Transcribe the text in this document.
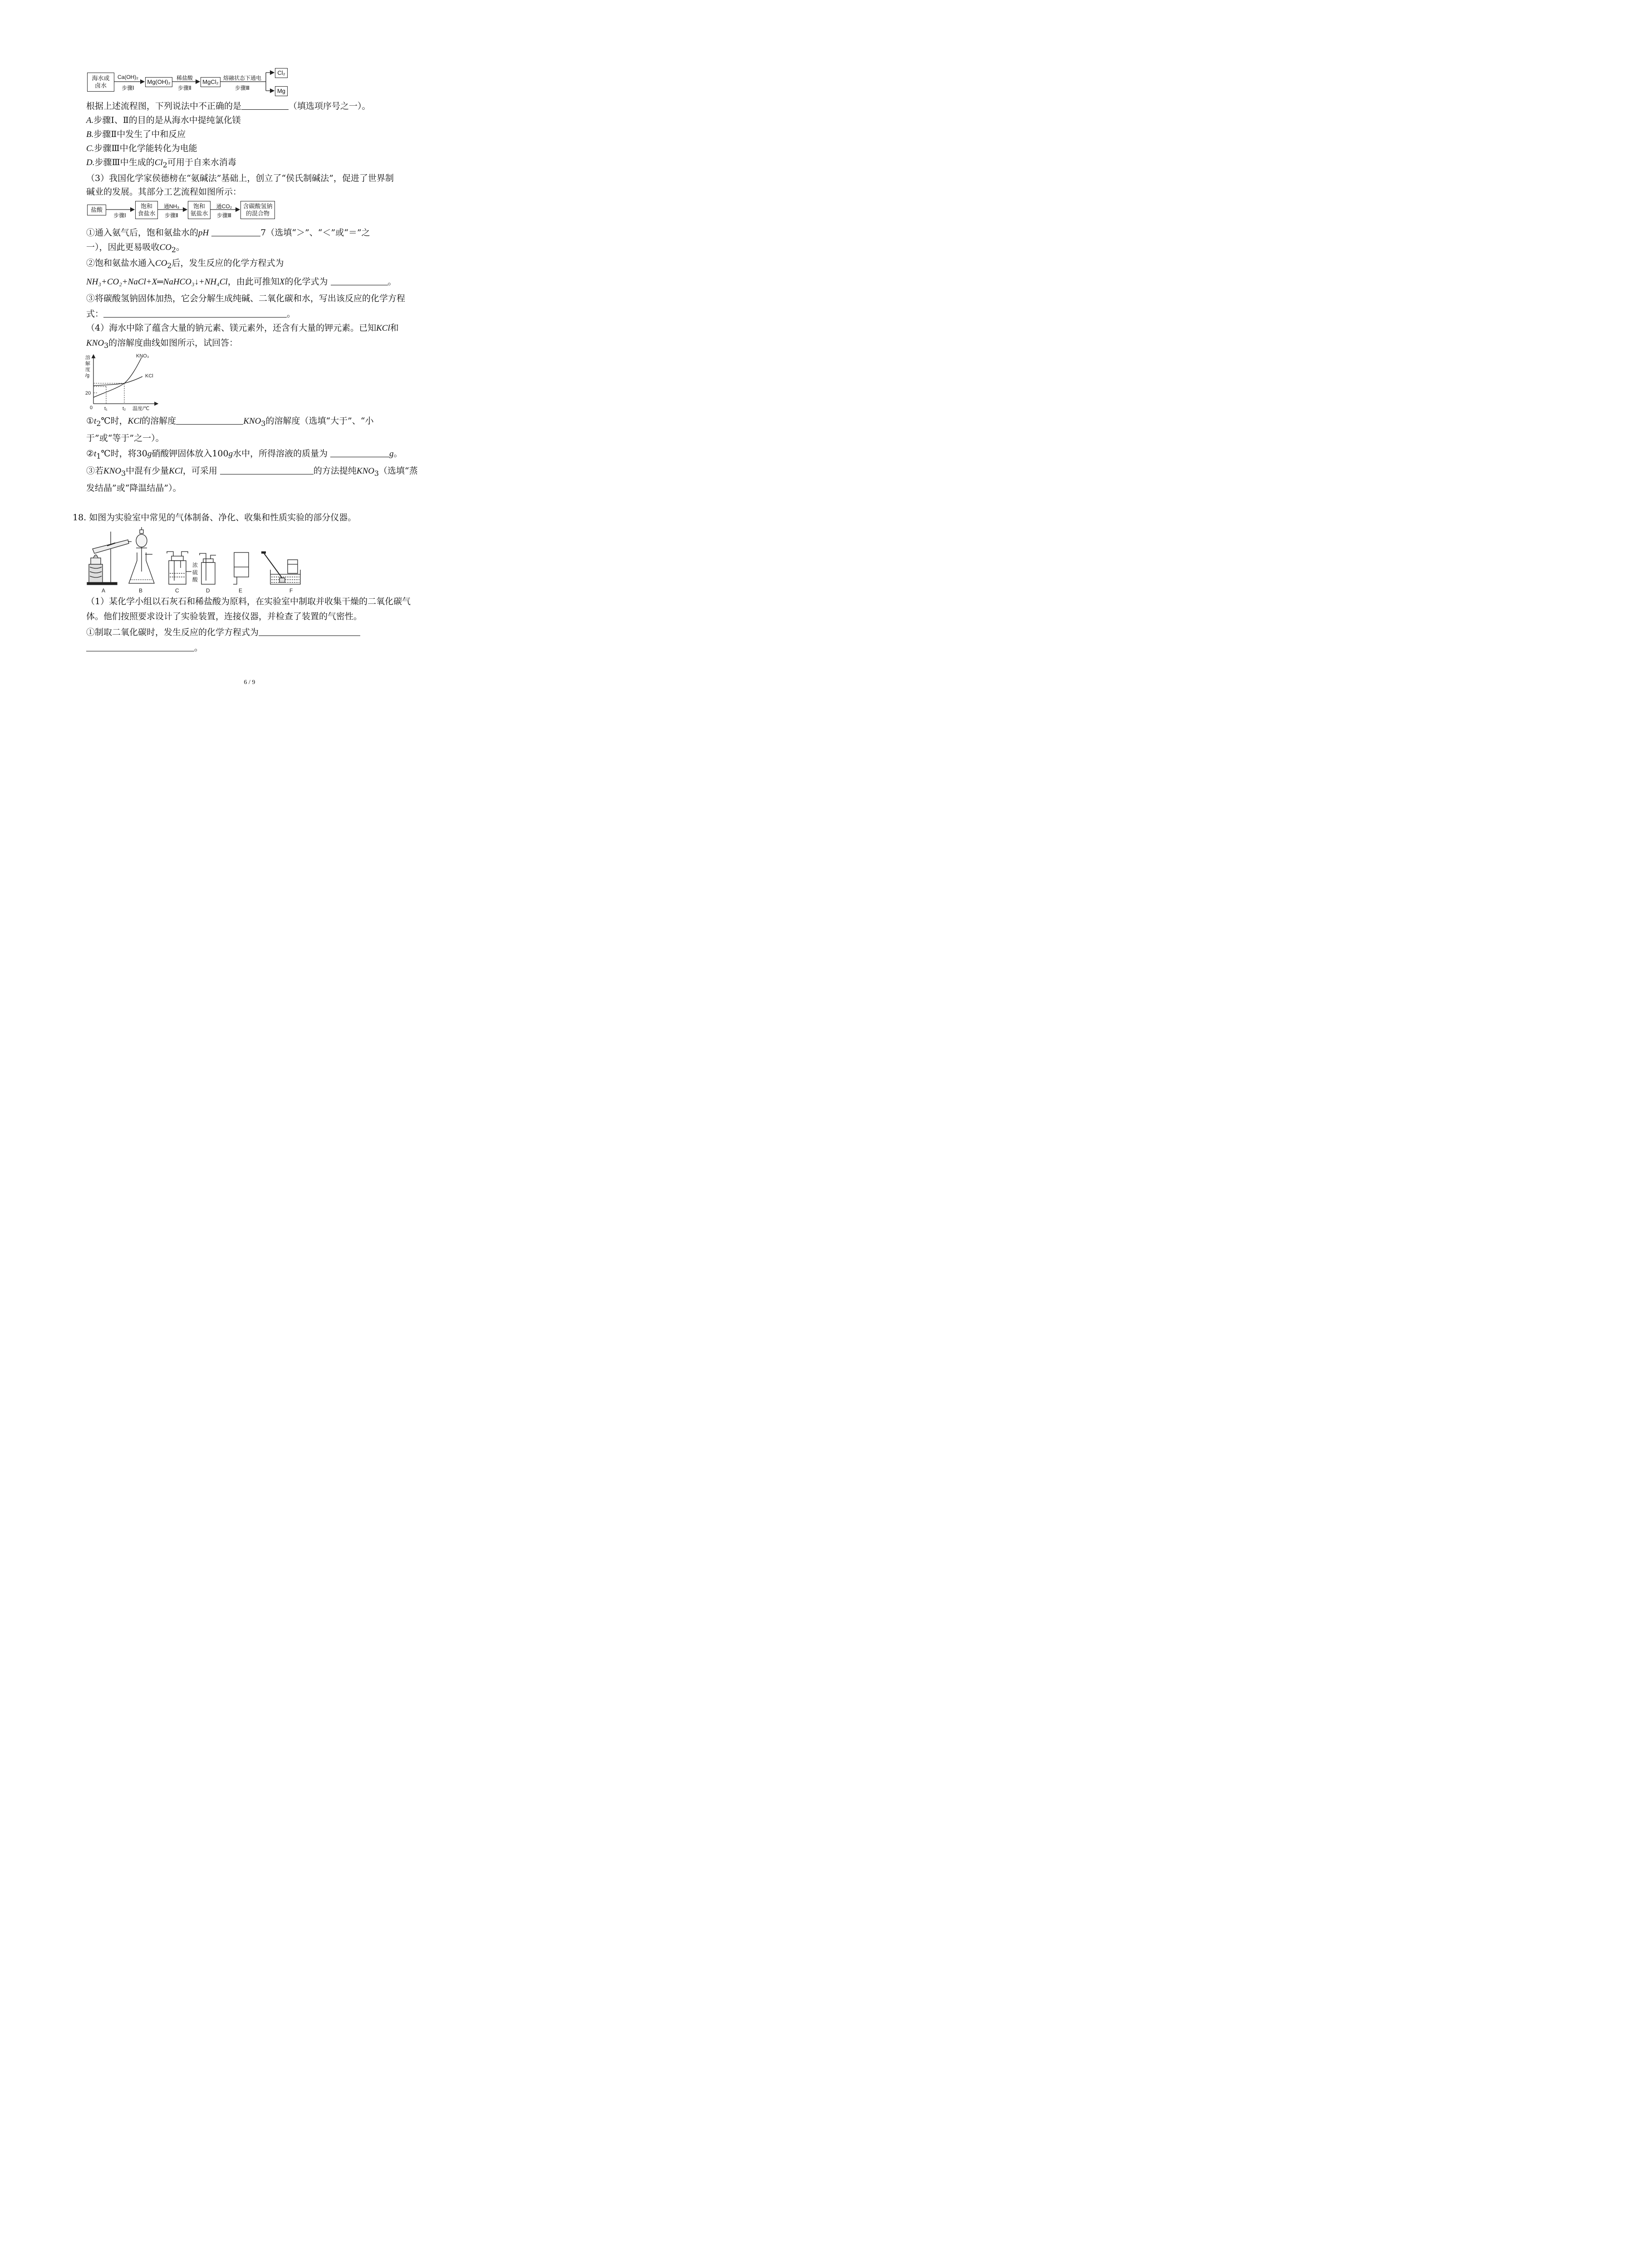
海水或
卤水
Ca(OH)₂
步骤Ⅰ
Mg(OH)₂
稀盐酸
步骤Ⅱ
MgCl₂
熔融状态下通电
步骤Ⅲ
Cl₂
Mg
根据上述流程图，下列说法中不正确的是	（填选项序号之一）。
A.步骤Ⅰ、Ⅱ的目的是从海水中提纯氯化镁
B.步骤Ⅱ中发生了中和反应
C.步骤Ⅲ中化学能转化为电能
D.步骤Ⅲ中生成的$Cl_2$可用于自来水消毒
（3）我国化学家侯德榜在“氨碱法”基础上，创立了“侯氏制碱法”，促进了世界制
碱业的发展。其部分工艺流程如图所示：
盐酸
步骤Ⅰ
饱和
食盐水
通NH₃
步骤Ⅱ
饱和
氨盐水
通CO₂
步骤Ⅲ
含碳酸氢钠
的混合物
①通入氨气后，饱和氨盐水的pH	7（选填“＞”、“＜”或“＝”之
一），因此更易吸收$CO_2$。
②饱和氨盐水通入$CO_2$后，发生反应的化学方程式为
NH₃+CO₂+NaCl+X═NaHCO₃↓+NH₄Cl，由此可推知X的化学式为	。
③将碳酸氢钠固体加热，它会分解生成纯碱、二氧化碳和水，写出该反应的化学方程
式：	。
（4）海水中除了蕴含大量的钠元素、镁元素外，还含有大量的钾元素。已知KCl和
$KNO_3$的溶解度曲线如图所示，试回答：
溶解度/g
20
0 t₁	t₂ 温度/℃
KNO₃
KCl
$①t_2℃$时，KCl的溶解度	$KNO_3$的溶解度（选填“大于”、“小
于”或“等于”之一）。
$②t_1℃$时，将30g硝酸钾固体放入100g水中，所得溶液的质量为	g。
③若$KNO_3$中混有少量KCl，可采用	的方法提纯$KNO_3$（选填“蒸
发结晶”或“降温结晶”）。
18. 如图为实验室中常见的气体制备、净化、收集和性质实验的部分仪器。
浓硫酸
A	B	C	D	E	F
（1）某化学小组以石灰石和稀盐酸为原料，在实验室中制取并收集干燥的二氧化碳气
体。他们按照要求设计了实验装置，连接仪器，并检查了装置的气密性。
①制取二氧化碳时，发生反应的化学方程式为
。
6 / 9
